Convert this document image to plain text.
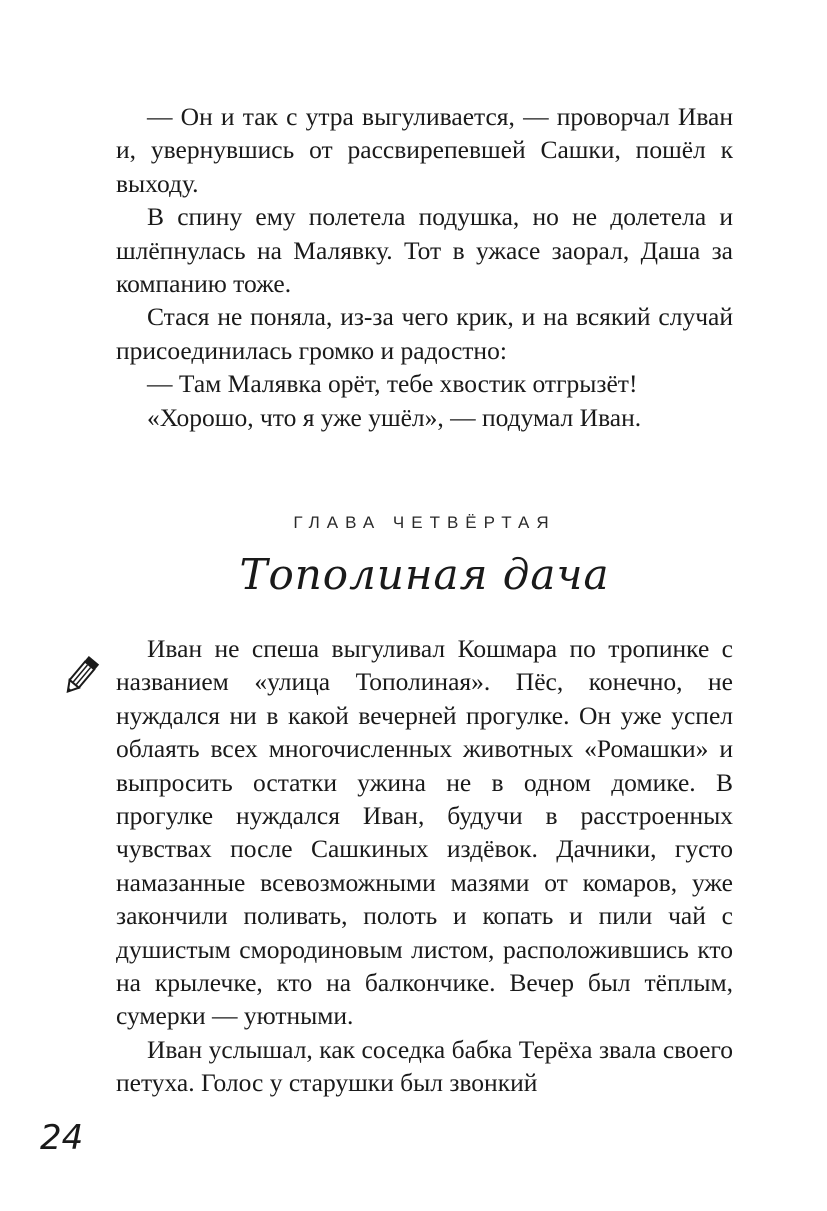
— Он и так с утра выгуливается, — проворчал Иван и, увернувшись от рассвирепевшей Сашки, пошёл к выходу.

В спину ему полетела подушка, но не долетела и шлёпнулась на Малявку. Тот в ужасе заорал, Даша за компанию тоже.

Стася не поняла, из-за чего крик, и на всякий случай присоединилась громко и радостно:

— Там Малявка орёт, тебе хвостик отгрызёт!

«Хорошо, что я уже ушёл», — подумал Иван.

ГЛАВА ЧЕТВЁРТАЯ
Тополиная дача

Иван не спеша выгуливал Кошмара по тропинке с названием «улица Тополиная». Пёс, конечно, не нуждался ни в какой вечерней прогулке. Он уже успел облаять всех многочисленных животных «Ромашки» и выпросить остатки ужина не в одном домике. В прогулке нуждался Иван, будучи в расстроенных чувствах после Сашкиных издёвок. Дачники, густо намазанные всевозможными мазями от комаров, уже закончили поливать, полоть и копать и пили чай с душистым смородиновым листом, расположившись кто на крылечке, кто на балкончике. Вечер был тёплым, сумерки — уютными.

Иван услышал, как соседка бабка Терёха звала своего петуха. Голос у старушки был звонкий

24
